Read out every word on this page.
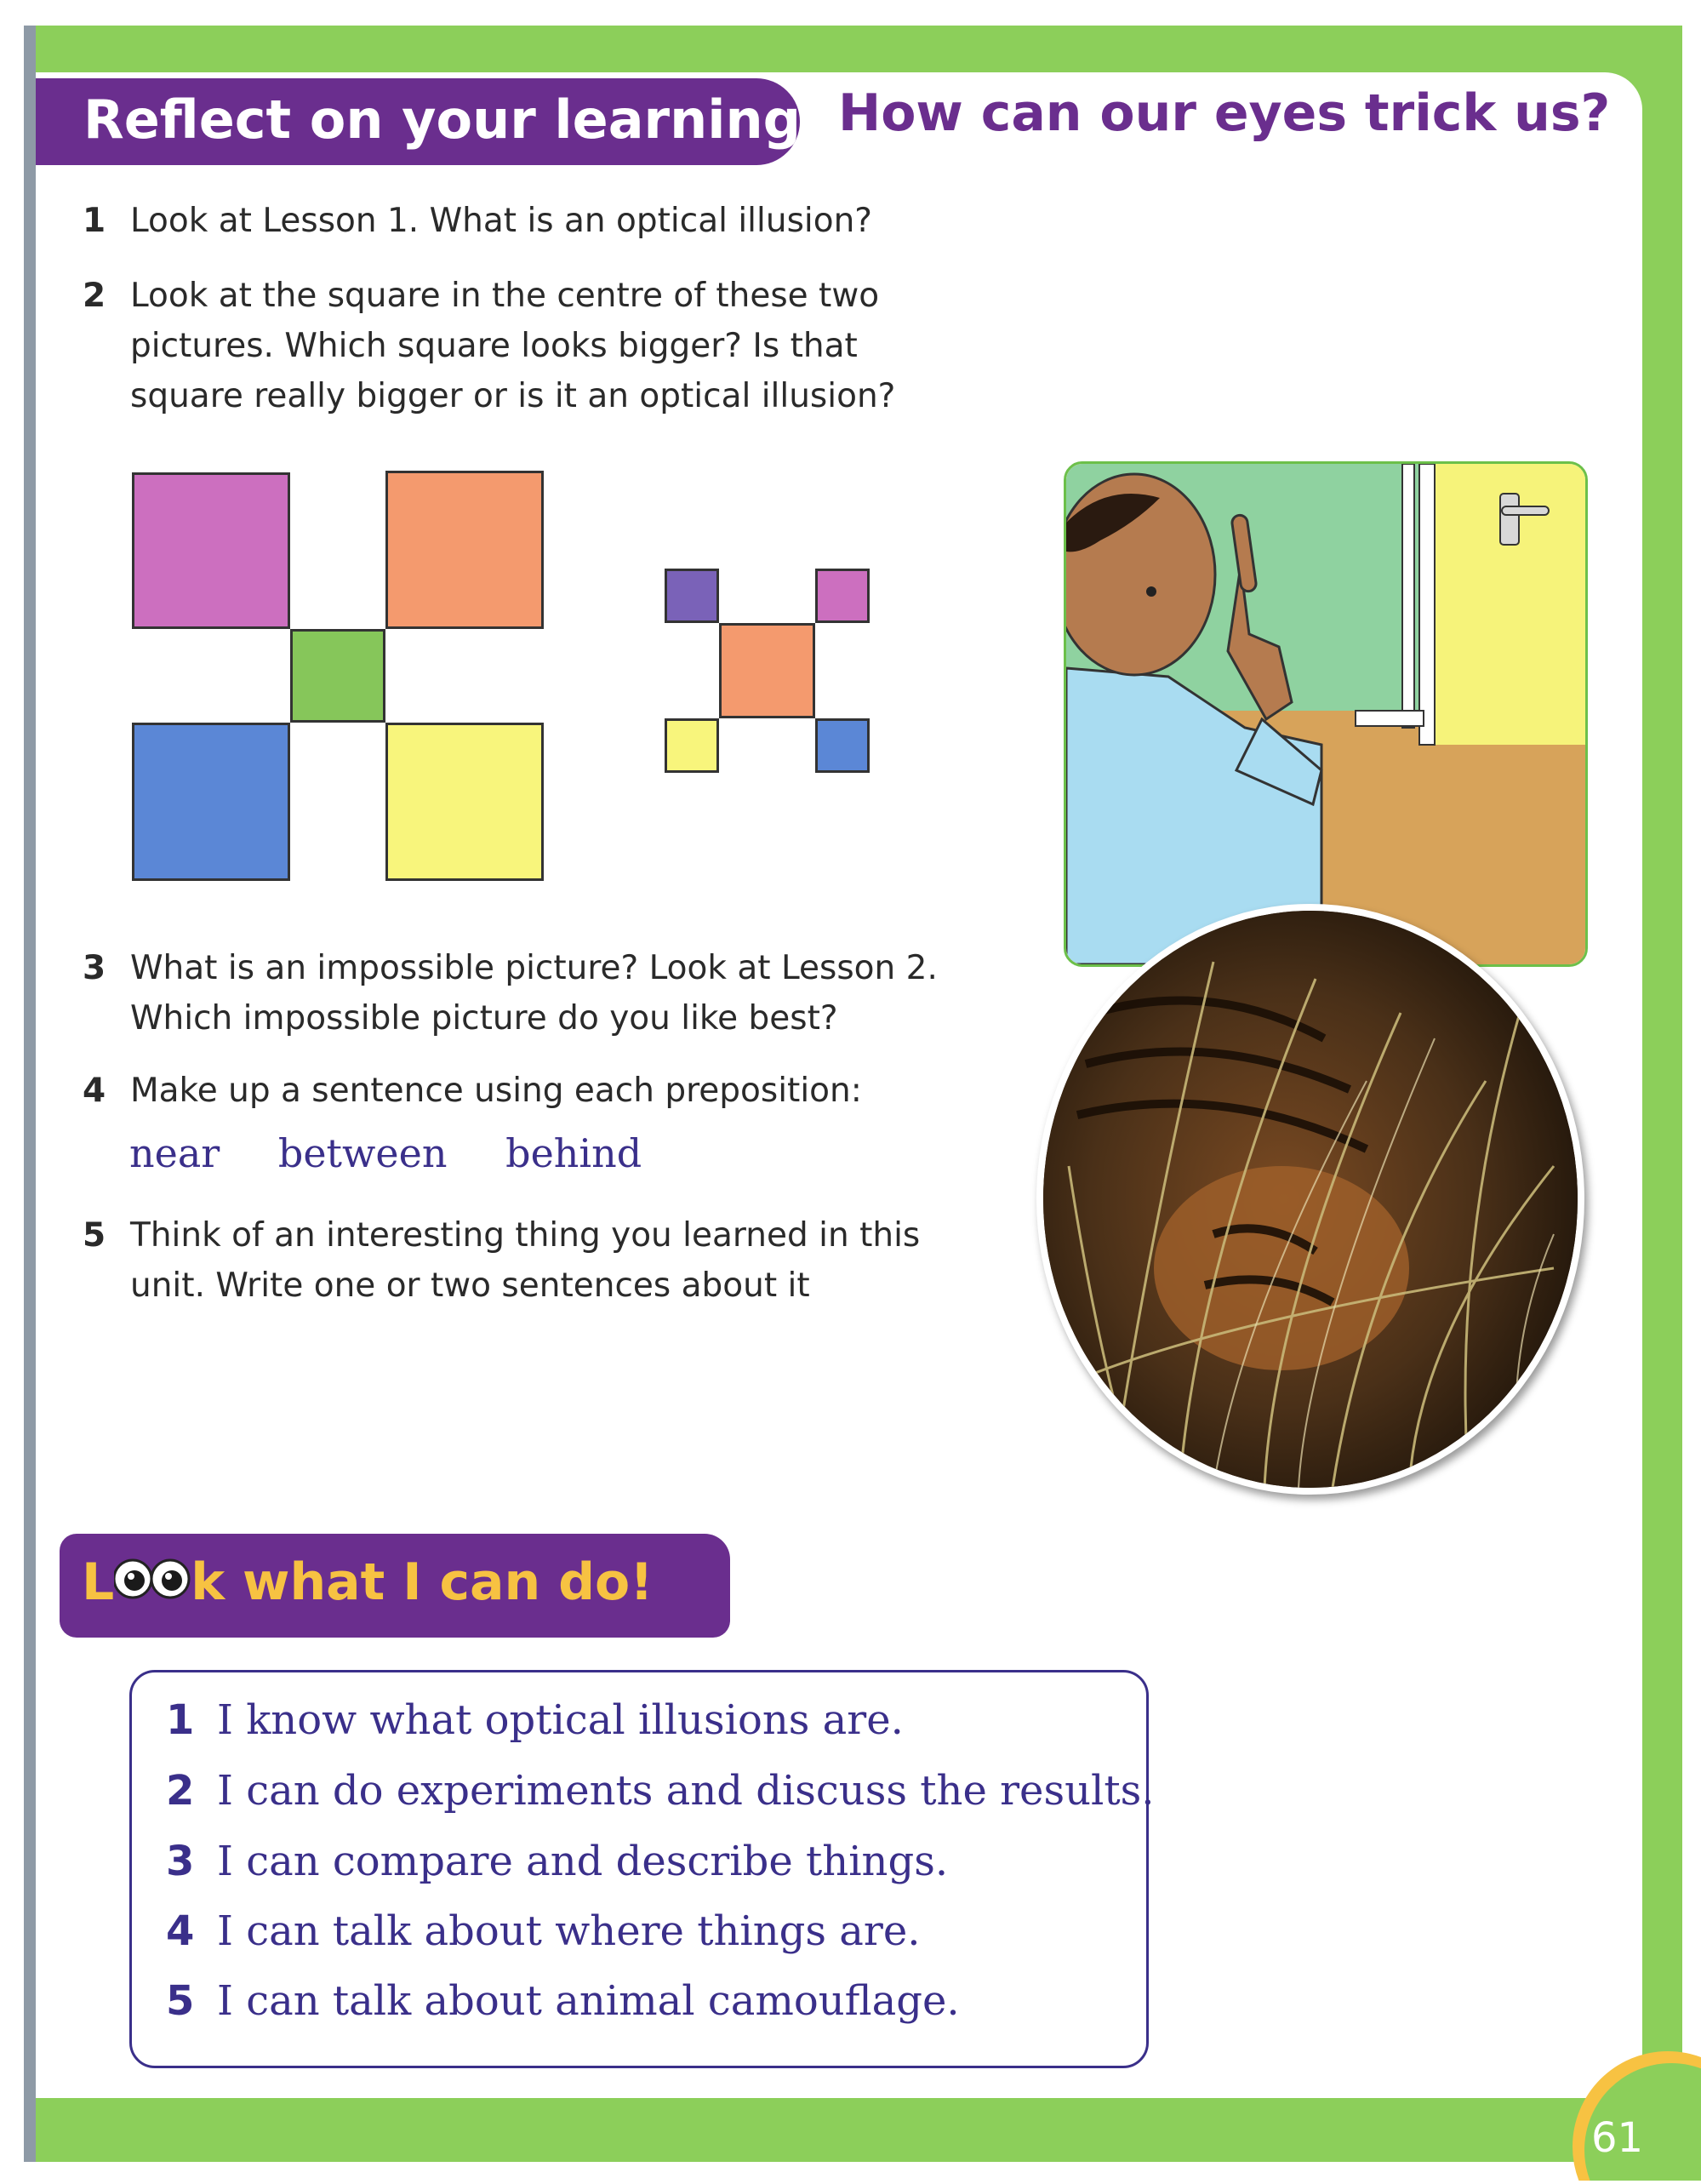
Reflect on your learning How can our eyes trick us?
1 Look at Lesson 1. What is an optical illusion?
2 Look at the square in the centre of these two
pictures. Which square looks bigger? Is that
square really bigger or is it an optical illusion?
3 What is an impossible picture? Look at Lesson 2.
Which impossible picture do you like best?
4 Make up a sentence using each preposition:
near between behind
5 Think of an interesting thing you learned in this
unit. Write one or two sentences about it
L k what I can do!
1 I know what optical illusions are.
2 I can do experiments and discuss the results.
3 I can compare and describe things.
4 I can talk about where things are.
5 I can talk about animal camouflage.
61
